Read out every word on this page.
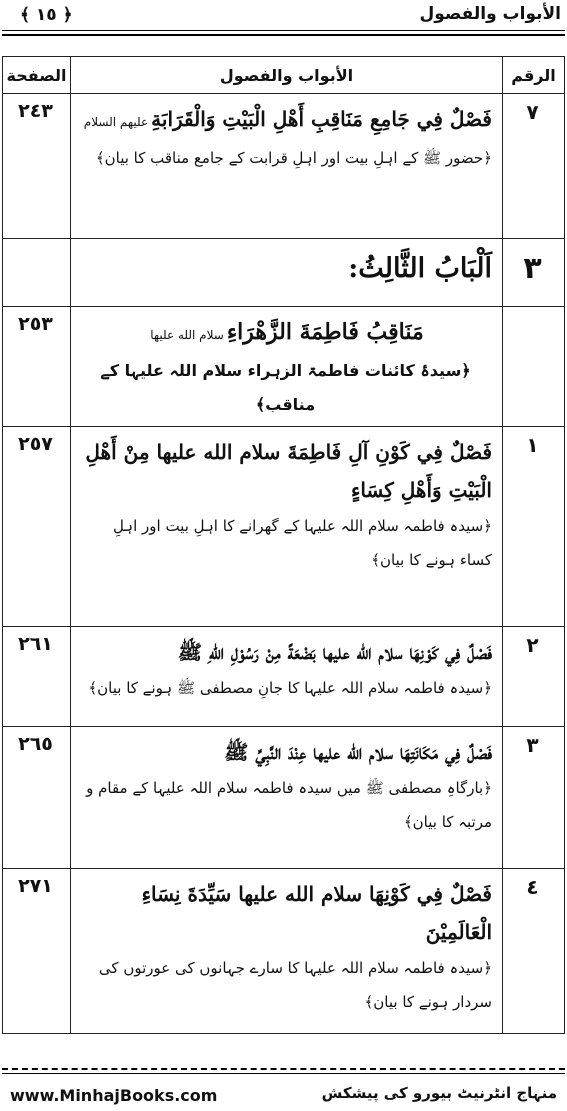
الأبواب والفصول
﴾ ١٥ ﴿
الرقم	الأبواب والفصول	الصفحة

٧	فَصْلٌ فِي جَامِعِ مَنَاقِبِ أَهْلِ الْبَيْتِ وَالْقَرَابَةِعليهم السلام
﴿حضور ﷺ کے اہلِ بیت اور اہلِ قرابت کے جامع مناقب کا بیان﴾	٢٤٣

٣	اَلْبَابُ الثَّالِثُ:	

	مَنَاقِبُ فَاطِمَةَ الزَّهْرَاءِسلام الله عليها
﴿سیدۂ کائنات فاطمۃ الزہراء سلام اللہ علیہا کے مناقب﴾	٢٥٣

١	فَصْلٌ فِي كَوْنِ آلِ فَاطِمَةَ سلام الله عليها مِنْ أَهْلِ الْبَيْتِ وَأَهْلِ كِسَاءٍ
﴿سیدہ فاطمہ سلام اللہ علیہا کے گھرانے کا اہلِ بیت اور اہلِ کساء ہونے کا بیان﴾	٢٥٧

٢	فَصْلٌ فِي كَوْنِهَا سلام الله عليها بَضْعَةً مِنْ رَسُوْلِ اللهِ ﷺ
﴿سیدہ فاطمہ سلام اللہ علیہا کا جانِ مصطفی ﷺ ہونے کا بیان﴾	٢٦١

٣	فَصْلٌ فِي مَكَانَتِهَا سلام الله عليها عِنْدَ النَّبِيِّ ﷺ
﴿بارگاہِ مصطفی ﷺ میں سیدہ فاطمہ سلام اللہ علیہا کے مقام و مرتبہ کا بیان﴾	٢٦٥

٤	فَصْلٌ فِي كَوْنِهَا سلام الله عليها سَيِّدَةَ نِسَاءِ الْعَالَمِيْنَ
﴿سیدہ فاطمہ سلام اللہ علیہا کا سارے جہانوں کی عورتوں کی سردار ہونے کا بیان﴾	٢٧١
www.MinhajBooks.com	منہاج انٹرنیٹ بیورو کی پیشکش
